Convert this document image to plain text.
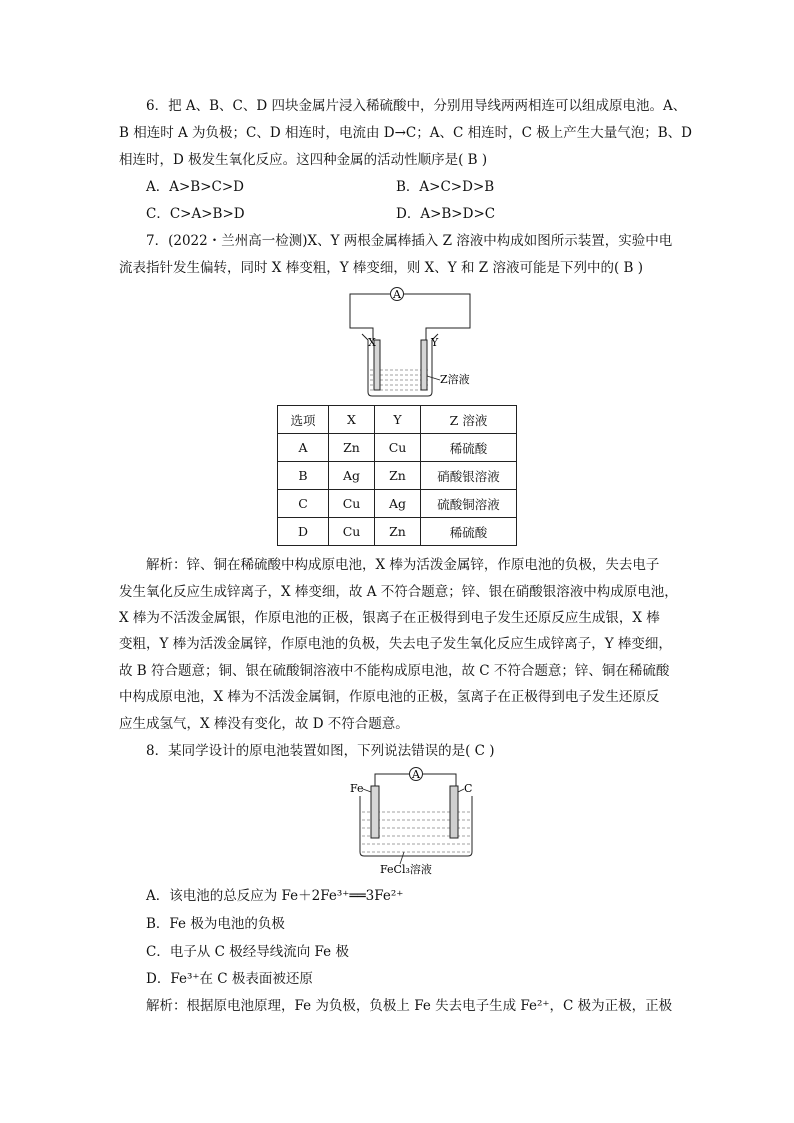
6．把 A、B、C、D 四块金属片浸入稀硫酸中，分别用导线两两相连可以组成原电池。A、
B 相连时 A 为负极；C、D 相连时，电流由 D→C；A、C 相连时，C 极上产生大量气泡；B、D
相连时，D 极发生氧化反应。这四种金属的活动性顺序是( B )
A．A>B>C>D	B．A>C>D>B
C．C>A>B>D	D．A>B>D>C
7．(2022・兰州高一检测)X、Y 两根金属棒插入 Z 溶液中构成如图所示装置，实验中电
流表指针发生偏转，同时 X 棒变粗，Y 棒变细，则 X、Y 和 Z 溶液可能是下列中的( B )
A
X	Y
Z溶液
选项	X	Y	Z 溶液
A	Zn	Cu	稀硫酸
B	Ag	Zn	硝酸银溶液
C	Cu	Ag	硫酸铜溶液
D	Cu	Zn	稀硫酸
解析：锌、铜在稀硫酸中构成原电池，X 棒为活泼金属锌，作原电池的负极，失去电子
发生氧化反应生成锌离子，X 棒变细，故 A 不符合题意；锌、银在硝酸银溶液中构成原电池，
X 棒为不活泼金属银，作原电池的正极，银离子在正极得到电子发生还原反应生成银，X 棒
变粗，Y 棒为活泼金属锌，作原电池的负极，失去电子发生氧化反应生成锌离子，Y 棒变细，
故 B 符合题意；铜、银在硫酸铜溶液中不能构成原电池，故 C 不符合题意；锌、铜在稀硫酸
中构成原电池，X 棒为不活泼金属铜，作原电池的正极，氢离子在正极得到电子发生还原反
应生成氢气，X 棒没有变化，故 D 不符合题意。
8．某同学设计的原电池装置如图，下列说法错误的是( C )
A
Fe	C
FeCl₃溶液
A．该电池的总反应为 Fe＋2Fe³⁺══3Fe²⁺
B．Fe 极为电池的负极
C．电子从 C 极经导线流向 Fe 极
D．Fe³⁺在 C 极表面被还原
解析：根据原电池原理，Fe 为负极，负极上 Fe 失去电子生成 Fe²⁺，C 极为正极，正极
